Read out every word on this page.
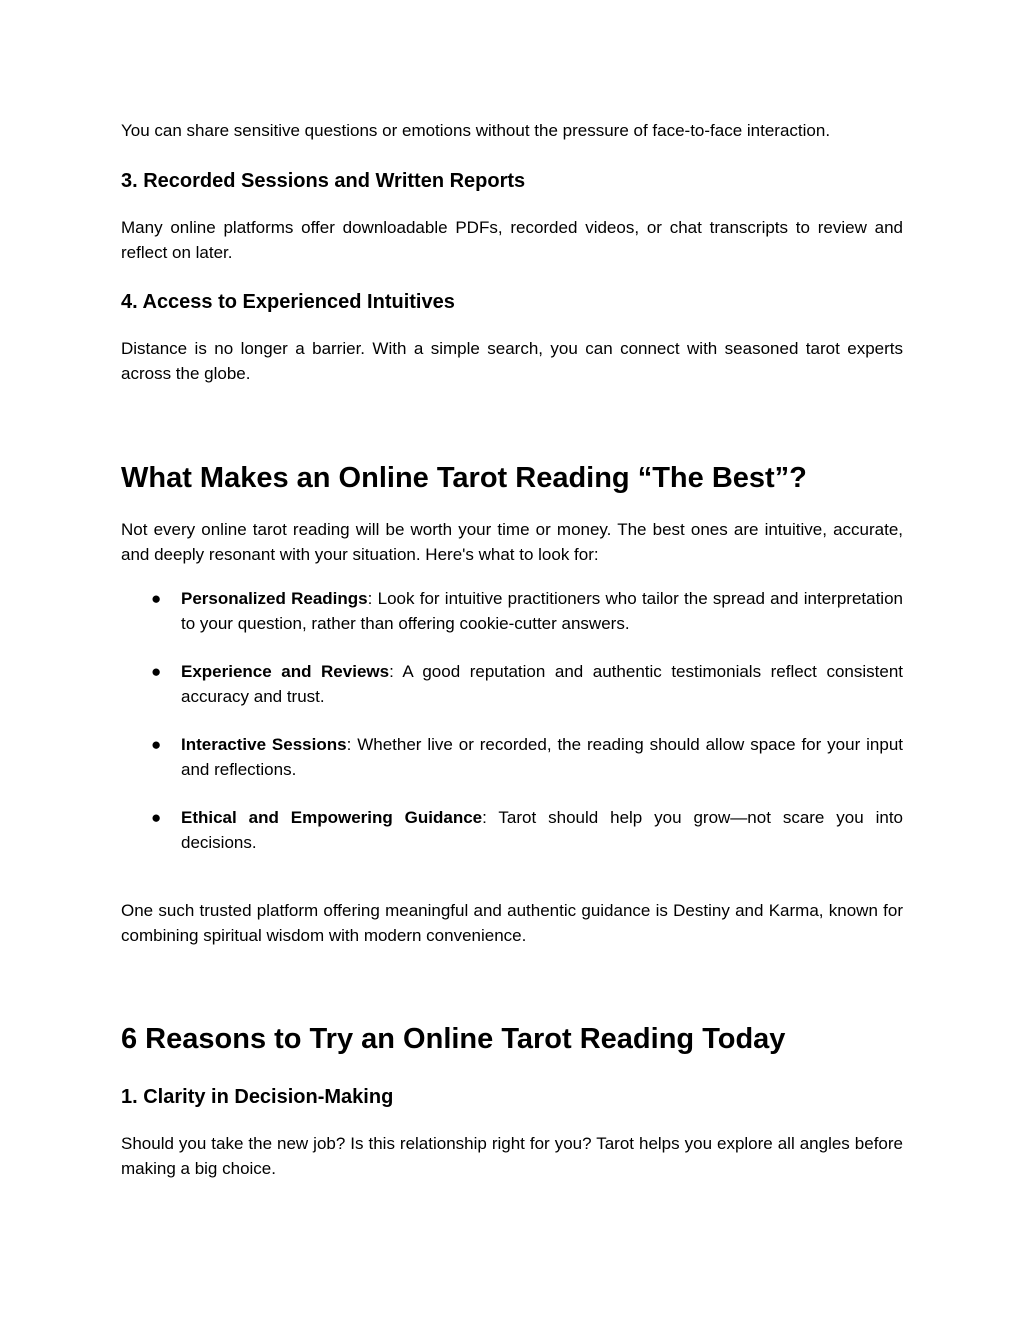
You can share sensitive questions or emotions without the pressure of face-to-face interaction.

3. Recorded Sessions and Written Reports

Many online platforms offer downloadable PDFs, recorded videos, or chat transcripts to review and reflect on later.

4. Access to Experienced Intuitives

Distance is no longer a barrier. With a simple search, you can connect with seasoned tarot experts across the globe.

What Makes an Online Tarot Reading “The Best”?

Not every online tarot reading will be worth your time or money. The best ones are intuitive, accurate, and deeply resonant with your situation. Here's what to look for:

● Personalized Readings: Look for intuitive practitioners who tailor the spread and interpretation to your question, rather than offering cookie-cutter answers.
● Experience and Reviews: A good reputation and authentic testimonials reflect consistent accuracy and trust.
● Interactive Sessions: Whether live or recorded, the reading should allow space for your input and reflections.
● Ethical and Empowering Guidance: Tarot should help you grow—not scare you into decisions.

One such trusted platform offering meaningful and authentic guidance is Destiny and Karma, known for combining spiritual wisdom with modern convenience.

6 Reasons to Try an Online Tarot Reading Today
1. Clarity in Decision-Making

Should you take the new job? Is this relationship right for you? Tarot helps you explore all angles before making a big choice.
